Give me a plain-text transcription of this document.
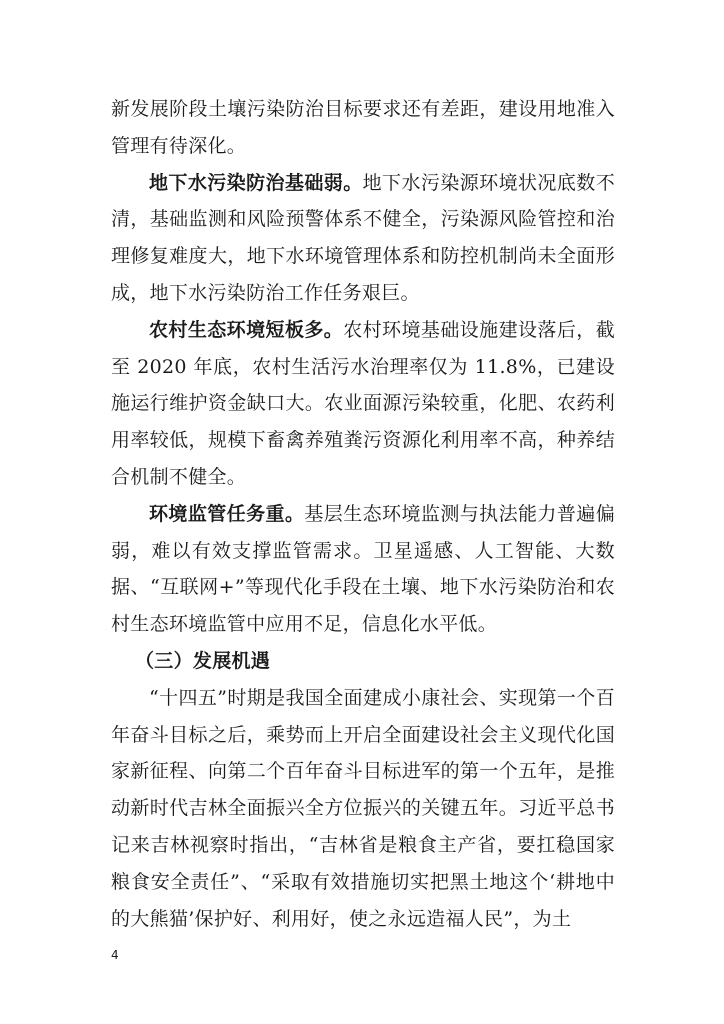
新发展阶段土壤污染防治目标要求还有差距，建设用地准入管理有待深化。

地下水污染防治基础弱。地下水污染源环境状况底数不清，基础监测和风险预警体系不健全，污染源风险管控和治理修复难度大，地下水环境管理体系和防控机制尚未全面形成，地下水污染防治工作任务艰巨。

农村生态环境短板多。农村环境基础设施建设落后，截至 2020 年底，农村生活污水治理率仅为 11.8%，已建设施运行维护资金缺口大。农业面源污染较重，化肥、农药利用率较低，规模下畜禽养殖粪污资源化利用率不高，种养结合机制不健全。

环境监管任务重。基层生态环境监测与执法能力普遍偏弱，难以有效支撑监管需求。卫星遥感、人工智能、大数据、“互联网+”等现代化手段在土壤、地下水污染防治和农村生态环境监管中应用不足，信息化水平低。

（三）发展机遇

“十四五”时期是我国全面建成小康社会、实现第一个百年奋斗目标之后，乘势而上开启全面建设社会主义现代化国家新征程、向第二个百年奋斗目标进军的第一个五年，是推动新时代吉林全面振兴全方位振兴的关键五年。习近平总书记来吉林视察时指出，“吉林省是粮食主产省，要扛稳国家粮食安全责任”、“采取有效措施切实把黑土地这个‘耕地中的大熊猫’保护好、利用好，使之永远造福人民”，为土

4
